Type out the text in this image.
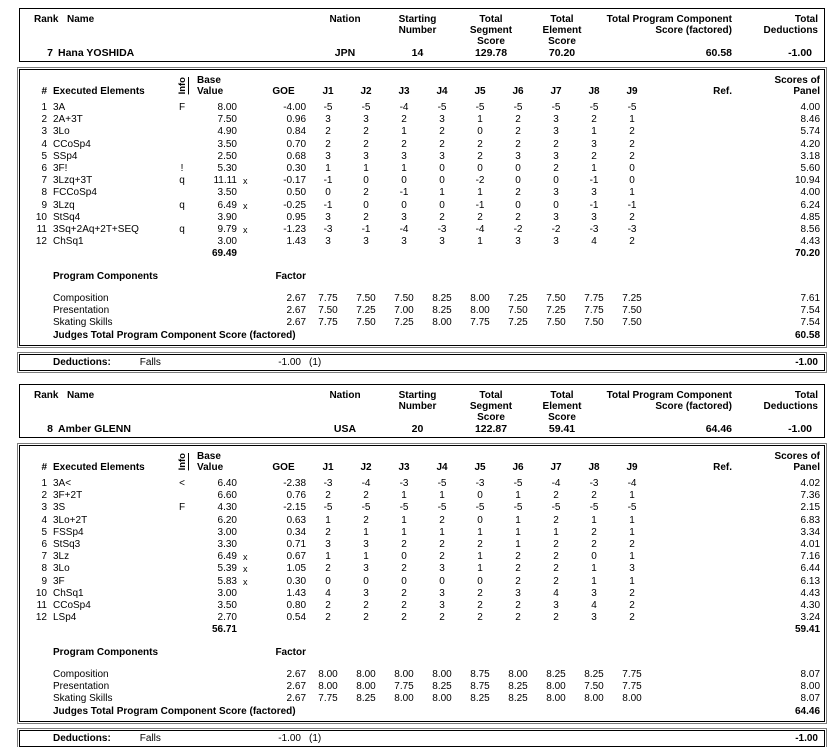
Rank Name	Nation	Starting
Number
Total
Segment
Score
Total
Element
Score
Total Program Component
Score (factored)
Total
Deductions
7 Hana YOSHIDA	JPN	14	129.78	70.20	60.58	-1.00
#	Executed Elements	Info	Base
Value		GOE	J1	J2	J3	J4	J5	J6	J7	J8	J9	Ref.	Scores of
Panel
1	3A	F	8.00		-4.00	-5	-5	-4	-5	-5	-5	-5	-5	-5		4.00
2	2A+3T		7.50		0.96	3	3	2	3	1	2	3	2	1		8.46
3	3Lo		4.90		0.84	2	2	1	2	0	2	3	1	2		5.74
4	CCoSp4		3.50		0.70	2	2	2	2	2	2	2	3	2		4.20
5	SSp4		2.50		0.68	3	3	3	3	2	3	3	2	2		3.18
6	3F!	!	5.30		0.30	1	1	1	0	0	0	2	1	0		5.60
7	3Lzq+3T	q	11.11	x	-0.17	-1	0	0	0	-2	0	0	-1	0		10.94
8	FCCoSp4		3.50		0.50	0	2	-1	1	1	2	3	3	1		4.00
9	3Lzq	q	6.49	x	-0.25	-1	0	0	0	-1	0	0	-1	-1		6.24
10	StSq4		3.90		0.95	3	2	3	2	2	2	3	3	2		4.85
11	3Sq+2Aq+2T+SEQ	q	9.79	x	-1.23	-3	-1	-4	-3	-4	-2	-2	-3	-3		8.56
12	ChSq1		3.00		1.43	3	3	3	3	1	3	3	4	2		4.43
			69.49													70.20

	Program Components				Factor											

	Composition				2.67	7.75	7.50	7.50	8.25	8.00	7.25	7.50	7.75	7.25		7.61
	Presentation				2.67	7.50	7.25	7.00	8.25	8.00	7.50	7.25	7.75	7.50		7.54
	Skating Skills				2.67	7.75	7.50	7.25	8.00	7.75	7.25	7.50	7.50	7.50		7.54
	Judges Total Program Component Score (factored)															60.58
Deductions:	Falls	-1.00 (1)	-1.00
Rank Name	Nation	Starting
Number
Total
Segment
Score
Total
Element
Score
Total Program Component
Score (factored)
Total
Deductions
8 Amber GLENN	USA	20	122.87	59.41	64.46	-1.00
#	Executed Elements	Info	Base
Value		GOE	J1	J2	J3	J4	J5	J6	J7	J8	J9	Ref.	Scores of
Panel
1	3A<	<	6.40		-2.38	-3	-4	-3	-5	-3	-5	-4	-3	-4		4.02
2	3F+2T		6.60		0.76	2	2	1	1	0	1	2	2	1		7.36
3	3S	F	4.30		-2.15	-5	-5	-5	-5	-5	-5	-5	-5	-5		2.15
4	3Lo+2T		6.20		0.63	1	2	1	2	0	1	2	1	1		6.83
5	FSSp4		3.00		0.34	2	1	1	1	1	1	1	2	1		3.34
6	StSq3		3.30		0.71	3	3	2	2	2	1	2	2	2		4.01
7	3Lz		6.49	x	0.67	1	1	0	2	1	2	2	0	1		7.16
8	3Lo		5.39	x	1.05	2	3	2	3	1	2	2	1	3		6.44
9	3F		5.83	x	0.30	0	0	0	0	0	2	2	1	1		6.13
10	ChSq1		3.00		1.43	4	3	2	3	2	3	4	3	2		4.43
11	CCoSp4		3.50		0.80	2	2	2	3	2	2	3	4	2		4.30
12	LSp4		2.70		0.54	2	2	2	2	2	2	2	3	2		3.24
			56.71													59.41

	Program Components				Factor											

	Composition				2.67	8.00	8.00	8.00	8.00	8.75	8.00	8.25	8.25	7.75		8.07
	Presentation				2.67	8.00	8.00	7.75	8.25	8.75	8.25	8.00	7.50	7.75		8.00
	Skating Skills				2.67	7.75	8.25	8.00	8.00	8.25	8.25	8.00	8.00	8.00		8.07
	Judges Total Program Component Score (factored)															64.46
Deductions:	Falls	-1.00 (1)	-1.00
